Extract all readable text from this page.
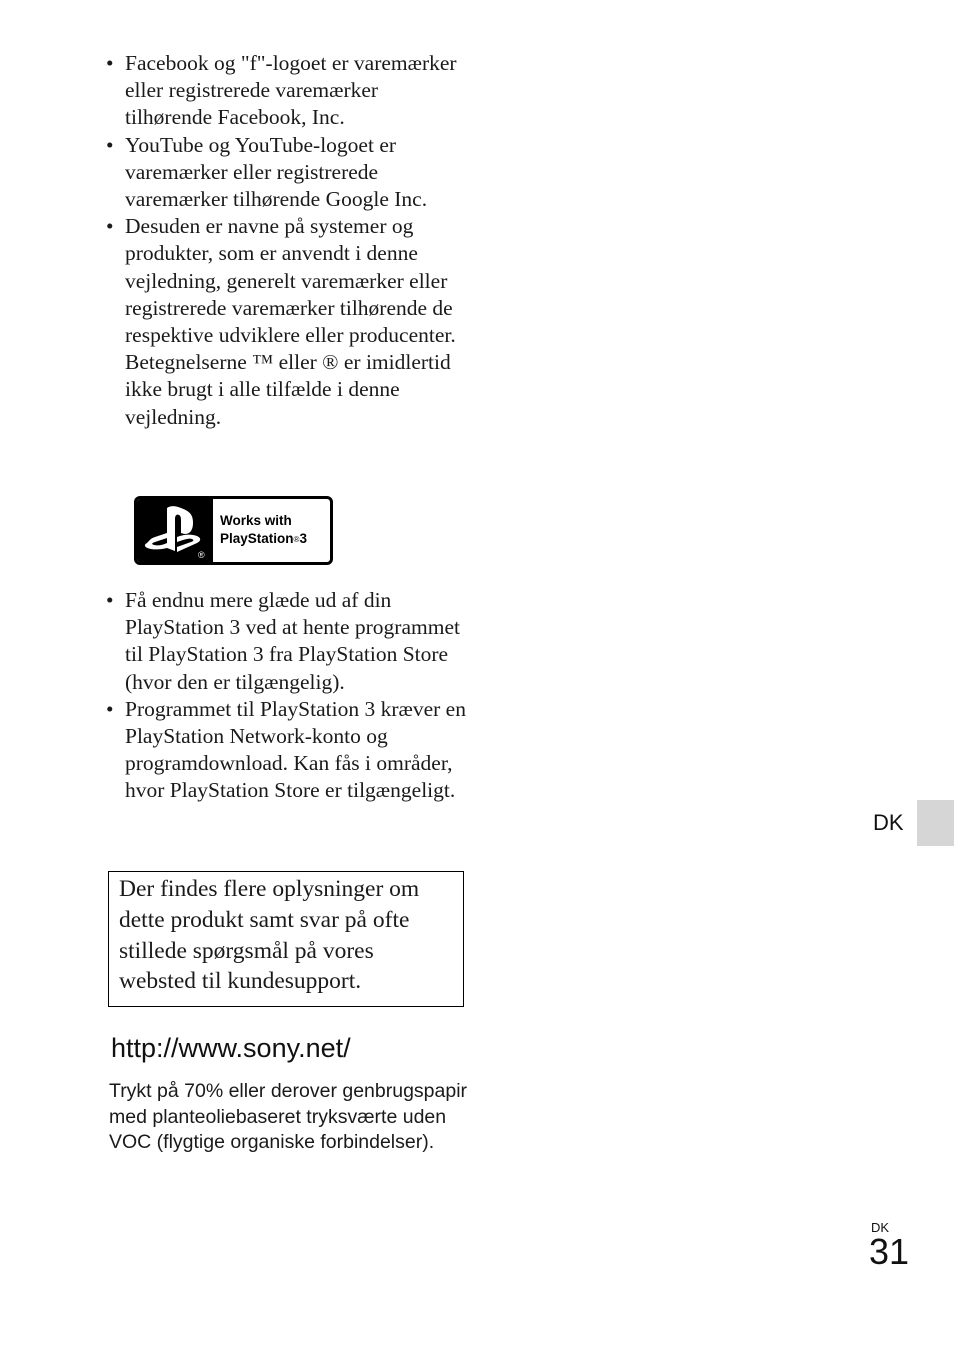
• Facebook og "f"-logoet er varemærker eller registrerede varemærker tilhørende Facebook, Inc.
• YouTube og YouTube-logoet er varemærker eller registrerede varemærker tilhørende Google Inc.
• Desuden er navne på systemer og produkter, som er anvendt i denne vejledning, generelt varemærker eller registrerede varemærker tilhørende de respektive udviklere eller producenter. Betegnelserne ™ eller ® er imidlertid ikke brugt i alle tilfælde i denne vejledning.
®
Works with
PlayStation®3
• Få endnu mere glæde ud af din PlayStation 3 ved at hente programmet til PlayStation 3 fra PlayStation Store (hvor den er tilgængelig).
• Programmet til PlayStation 3 kræver en PlayStation Network-konto og programdownload. Kan fås i områder, hvor PlayStation Store er tilgængeligt.
Der findes flere oplysninger om dette produkt samt svar på ofte stillede spørgsmål på vores websted til kundesupport.
http://www.sony.net/
Trykt på 70% eller derover genbrugspapir med planteoliebaseret tryksværte uden VOC (flygtige organiske forbindelser).
DK
DK
31
